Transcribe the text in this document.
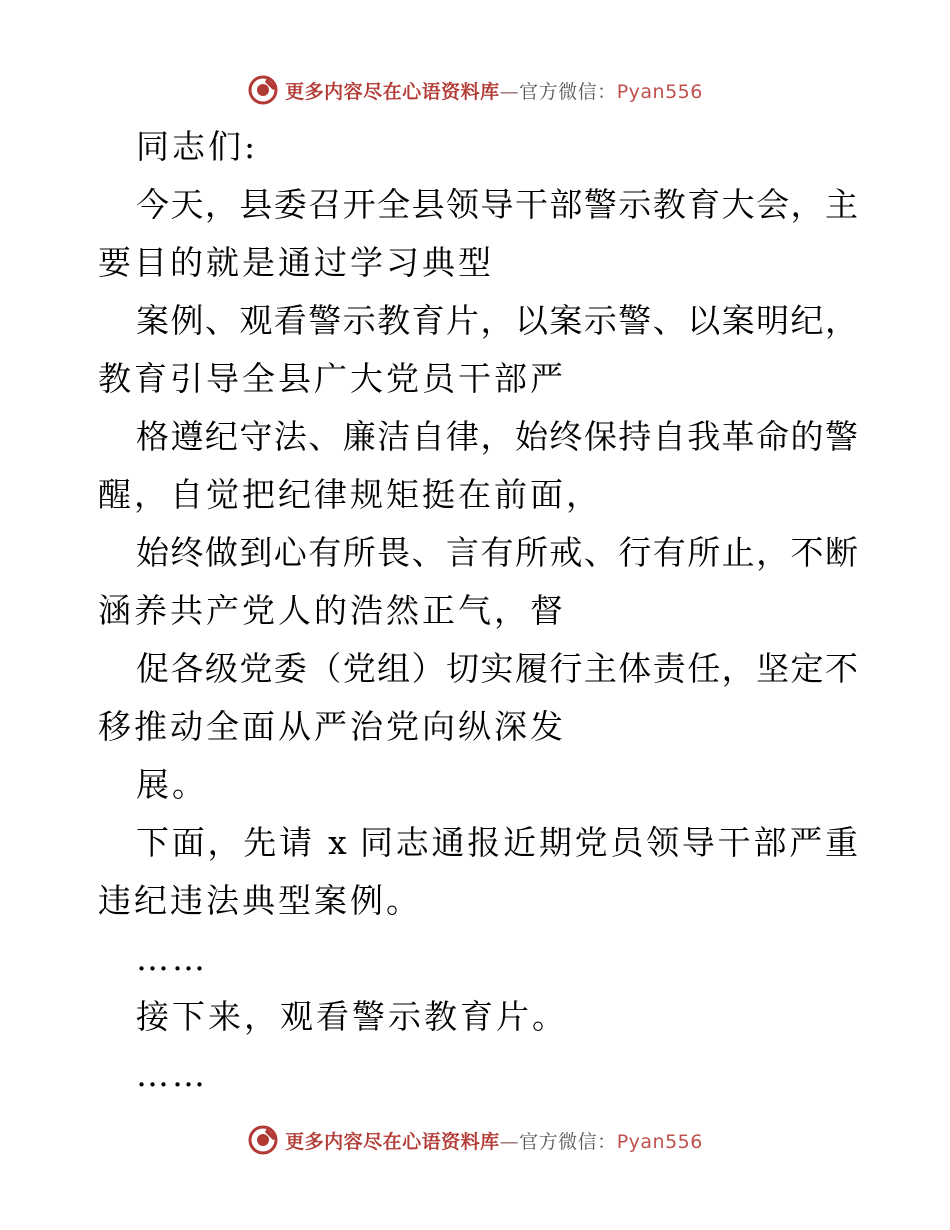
更多内容尽在心语资料库—官方微信：Pyan556
同志们:
今天，县委召开全县领导干部警示教育大会，主
要目的就是通过学习典型
案例、观看警示教育片，以案示警、以案明纪，
教育引导全县广大党员干部严
格遵纪守法、廉洁自律，始终保持自我革命的警
醒，自觉把纪律规矩挺在前面，
始终做到心有所畏、言有所戒、行有所止，不断
涵养共产党人的浩然正气，督
促各级党委（党组）切实履行主体责任，坚定不
移推动全面从严治党向纵深发
展。
下面，先请 x 同志通报近期党员领导干部严重
违纪违法典型案例。
……
接下来，观看警示教育片。
……
更多内容尽在心语资料库—官方微信：Pyan556
